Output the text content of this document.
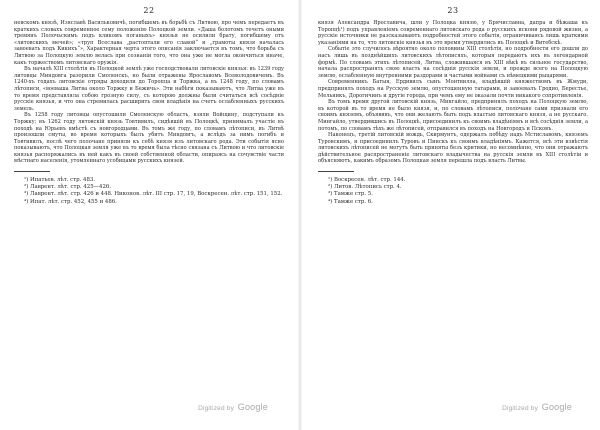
22

невскомъ князѣ, Изяславѣ Васильковичѣ, погибшемъ въ борьбѣ съ Литвою, про чемъ передаетъ въ краткихъ словахъ современное сему положенію Полоцкой земли. «Даша болотомъ течетъ оными тремянъ Полочьскимъ подъ кликомъ поганыхъ» князья не осилили брату, погибшему отъ «литовскихъ мечей»; «труп Всеслава „растоптали его славой“ и „грамоты князя началась завоевать подъ Кикихъ“», Характерная черта этого описанія заключается въ томъ, что борьба съ Литвою за Полоцкую землю велась при сознаніи того, что она уже не могла окончиться иначе, какъ торжествомъ литовскаго оружія.

Въ началѣ XIII столѣтія въ Полоцкой землѣ уже господствовали литовскіе князья: въ 1239 году литовцы Миндовга разорили Смоленскъ, но были отражены Ярославомъ Всеволодовичемъ. Въ 1240-хъ годахъ литовскіе отряды доходили до Торопца и Торжка, а въ 1248 году, по словамъ лѣтописи, «воеваша Литва около Торжку и Бежичь». Эти набѣги показываютъ, что Литва уже въ то время представляла собою грозную силу, съ которою должны были считаться всѣ сосѣдніе русскіе князья, и что она стремилась расширить свои владѣнія на счетъ ослабленныхъ русскихъ земель.

Въ 1258 году литовцы опустошили Смоленскую область, взяли Войщину, подступали къ Торжку; въ 1262 году литовскій князь Товтивилъ, сидѣвшій въ Полоцкѣ, принималъ участіе въ походѣ на Юрьевъ вмѣстѣ съ новгородцами. Въ томъ же году, по словамъ лѣтописи, въ Литвѣ произошли смуты, во время которыхъ былъ убитъ Миндовгъ, а вслѣдъ за нимъ погибъ и Товтивилъ, послѣ чего полочане приняли къ себѣ князя изъ литовскаго рода. Эти событія ясно показываютъ, что Полоцкая земля уже въ то время была тѣсно связана съ Литвою и что литовскіе князья распоряжались въ ней какъ въ своей собственной области, опираясь на сочувствіе части мѣстнаго населенія, утомленнаго усобицами русскихъ князей.

¹) Ипатьев. лѣт. стр. 483.

²) Лаврент. лѣт. стр. 425—426.

³) Лаврент. лѣт. стр. 426 и 448. Никонов. лѣт. III стр. 17, 19, Воскресен. лѣт. стр. 151, 152.

⁴) Ипат. лѣт. стр. 452, 455 и 486.

Digitized by Google
23

князя Александра Ярославича, шли у Полоцка князю, у Брячиславна, дапра и бѣжаша къ Торопцѣ¹) подъ управленіемъ современнаго литовскаго рода о русскихъ искони рядовой жизни, а русскіе источники не разсказываютъ подробностей этого событія, ограничиваясь лишь краткими указаніями на то, что литовскіе князья въ это время утвердились въ Полоцкѣ и Витебскѣ.

Событіе это случилось вѣроятно около половины XIII столѣтія, но подробности его дошли до насъ лишь въ позднѣйшихъ литовскихъ лѣтописяхъ, которыя передаютъ ихъ въ легендарной формѣ. По словамъ этихъ лѣтописей, Литва, сложившаяся въ XIII вѣкѣ въ сильное государство, начала распространять свою власть на сосѣднія русскія земли, и прежде всего на Полоцкую землю, ослабленную внутренними раздорами и частыми войнами съ нѣмецкими рыцарями.

Современникъ Батыя, Ердивилъ сынъ Монтвилла, владѣвшій княжествомъ въ Жмуди, предпринялъ походъ на Русскую землю, опустошенную татарами, и завоевалъ Гродно, Берестье, Мельникъ, Дорогичинъ и другіе города, при чемъ ему не оказали почти никакого сопротивленія.

Въ томъ время другой литовскій князь, Мингайло, предпринялъ походъ на Полоцкую землю, въ которой въ то время не было князя, и, по словамъ лѣтописи, полочане сами признали его своимъ княземъ, объявивъ, что они желаютъ быть подъ властью литовскаго князя, а не русскаго. Мингайло, утвердившись въ Полоцкѣ, присоединилъ къ своимъ владѣніямъ и всѣ сосѣднія земли, а потомъ, по словамъ тѣхъ же лѣтописей, отправился въ походъ на Новгородъ и Псковъ.

Наконецъ, третій литовскій вождь, Скирмунтъ, одержалъ побѣду надъ Мстиславомъ, княземъ Туровскимъ, и присоединилъ Туровъ и Пинскъ къ своимъ владѣніямъ. Кажется, всѣ эти извѣстія литовскихъ лѣтописей не могутъ быть приняты безъ критики, но несомнѣнно, что они отражаютъ дѣйствительное распространеніе литовскаго владычества на русскія земли въ XIII столѣтіи и объясняютъ, какимъ образомъ Полоцкая земля перешла подъ власть Литвы.

¹) Воскресен. лѣт. стр. 144.

²) Литов. Лѣтопись стр. 4.

³) Тамже стр. 5.

⁴) Тамже стр. 6.

Digitized by Google
